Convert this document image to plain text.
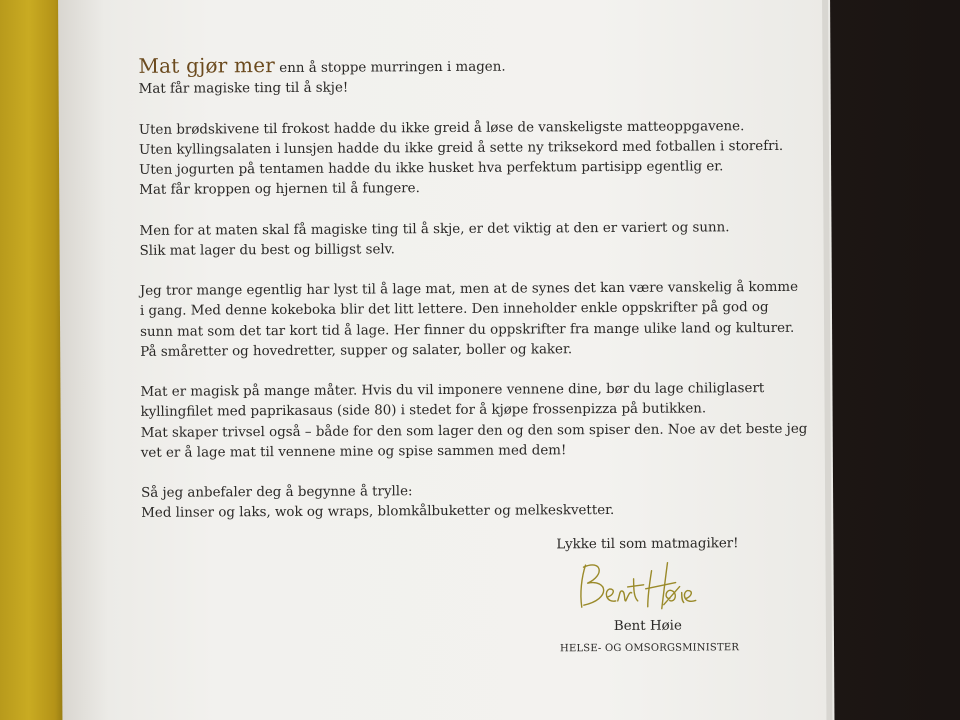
Mat gjør mer enn å stoppe murringen i magen.

Mat får magiske ting til å skje!
Uten brødskivene til frokost hadde du ikke greid å løse de vanskeligste matteoppgavene.
Uten kyllingsalaten i lunsjen hadde du ikke greid å sette ny triksekord med fotballen i storefri.
Uten jogurten på tentamen hadde du ikke husket hva perfektum partisipp egentlig er.
Mat får kroppen og hjernen til å fungere.
Men for at maten skal få magiske ting til å skje, er det viktig at den er variert og sunn.
Slik mat lager du best og billigst selv.
Jeg tror mange egentlig har lyst til å lage mat, men at de synes det kan være vanskelig å komme
i gang. Med denne kokeboka blir det litt lettere. Den inneholder enkle oppskrifter på god og
sunn mat som det tar kort tid å lage. Her finner du oppskrifter fra mange ulike land og kulturer.
På småretter og hovedretter, supper og salater, boller og kaker.
Mat er magisk på mange måter. Hvis du vil imponere vennene dine, bør du lage chiliglasert
kyllingfilet med paprikasaus (side 80) i stedet for å kjøpe frossenpizza på butikken.
Mat skaper trivsel også – både for den som lager den og den som spiser den. Noe av det beste jeg
vet er å lage mat til vennene mine og spise sammen med dem!
Så jeg anbefaler deg å begynne å trylle:
Med linser og laks, wok og wraps, blomkålbuketter og melkeskvetter.
Lykke til som matmagiker!
Bent Høie
HELSE- OG OMSORGSMINISTER
